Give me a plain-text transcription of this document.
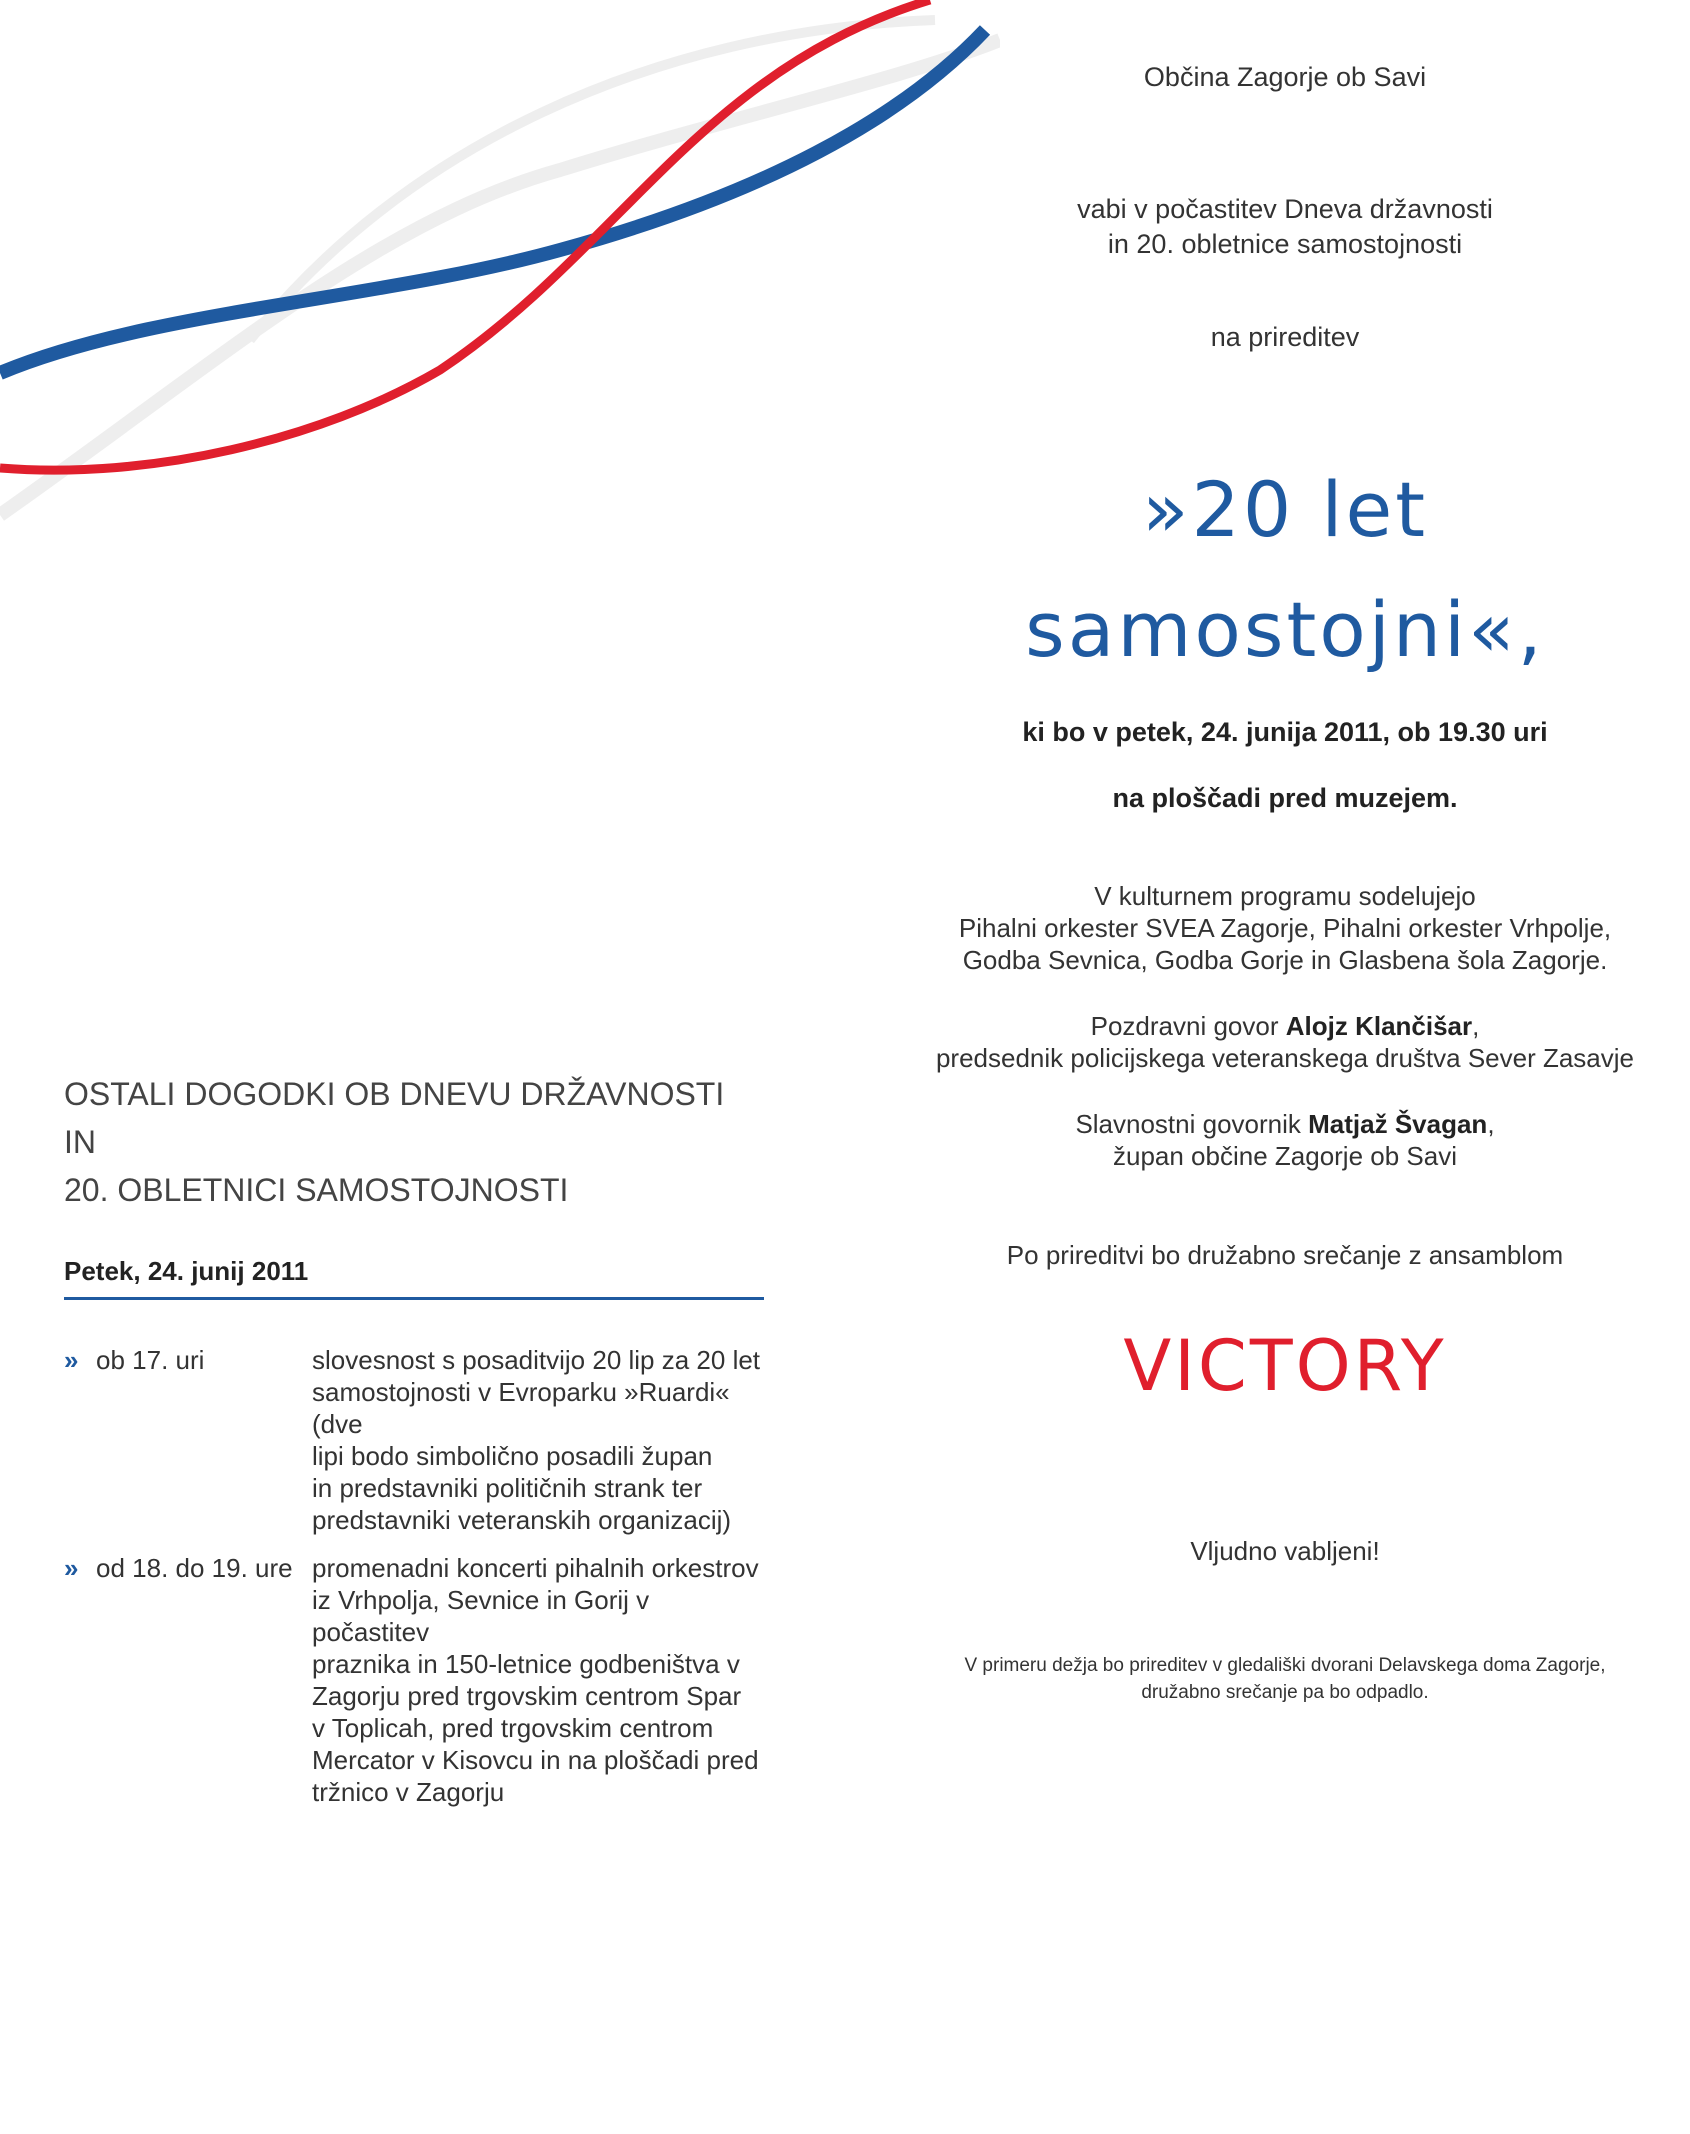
Občina Zagorje ob Savi
vabi v počastitev Dneva državnosti
in 20. obletnice samostojnosti
na prireditev
»20 let
samostojni«,
ki bo v petek, 24. junija 2011, ob 19.30 uri
na ploščadi pred muzejem.
V kulturnem programu sodelujejo
Pihalni orkester SVEA Zagorje, Pihalni orkester Vrhpolje,
Godba Sevnica, Godba Gorje in Glasbena šola Zagorje.
Pozdravni govor Alojz Klančišar,
predsednik policijskega veteranskega društva Sever Zasavje
Slavnostni govornik Matjaž Švagan,
župan občine Zagorje ob Savi
Po prireditvi bo družabno srečanje z ansamblom
VICTORY
Vljudno vabljeni!
V primeru dežja bo prireditev v gledališki dvorani Delavskega doma Zagorje,
družabno srečanje pa bo odpadlo.
OSTALI DOGODKI OB DNEVU DRŽAVNOSTI IN
20. OBLETNICI SAMOSTOJNOSTI
Petek, 24. junij 2011
» ob 17. uri	slovesnost s posaditvijo 20 lip za 20 let
samostojnosti v Evroparku »Ruardi« (dve
lipi bodo simbolično posadili župan
in predstavniki političnih strank ter
predstavniki veteranskih organizacij)
» od 18. do 19. ure promenadni koncerti pihalnih orkestrov
iz Vrhpolja, Sevnice in Gorij v počastitev
praznika in 150-letnice godbeništva v
Zagorju pred trgovskim centrom Spar
v Toplicah, pred trgovskim centrom
Mercator v Kisovcu in na ploščadi pred
tržnico v Zagorju
